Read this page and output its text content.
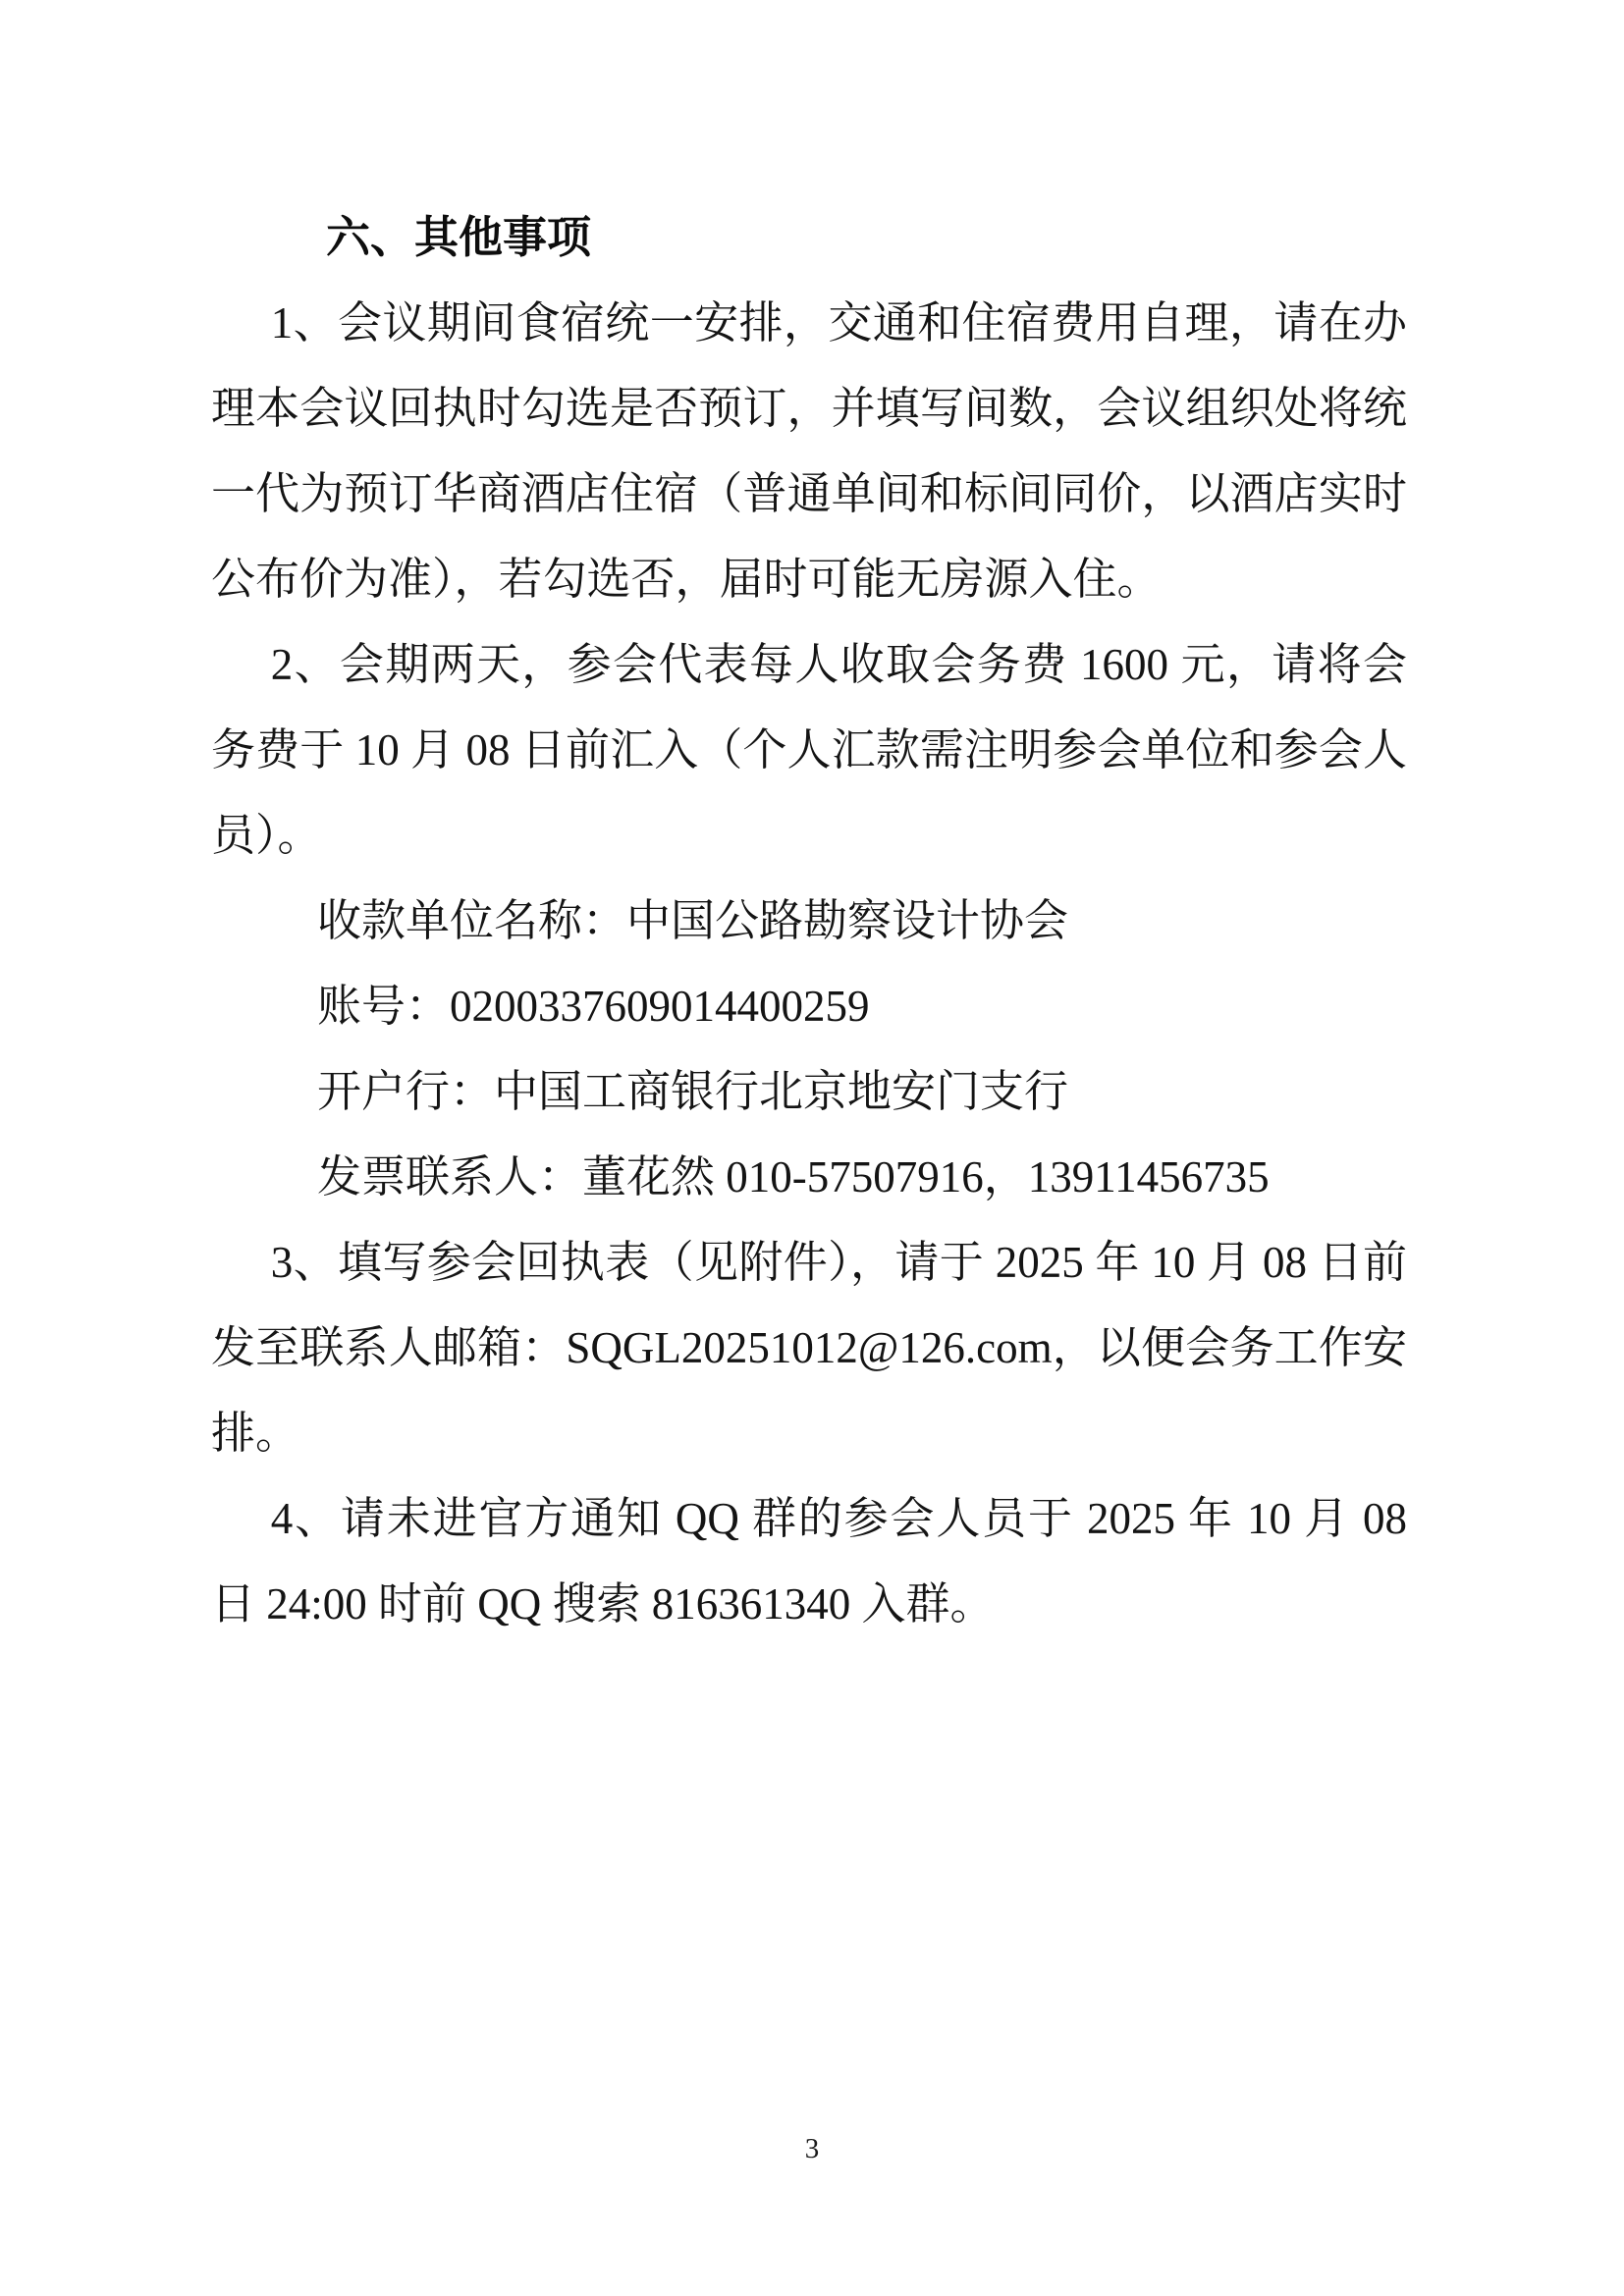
六、其他事项

1、会议期间食宿统一安排，交通和住宿费用自理，请在办理本会议回执时勾选是否预订，并填写间数，会议组织处将统一代为预订华商酒店住宿（普通单间和标间同价，以酒店实时公布价为准），若勾选否，届时可能无房源入住。

2、会期两天，参会代表每人收取会务费 1600 元，请将会务费于 10 月 08 日前汇入（个人汇款需注明参会单位和参会人员）。

收款单位名称：中国公路勘察设计协会

账号：0200337609014400259

开户行：中国工商银行北京地安门支行

发票联系人：董花然 010-57507916，13911456735

3、填写参会回执表（见附件），请于 2025 年 10 月 08 日前发至联系人邮箱：SQGL20251012@126.com，以便会务工作安排。

4、请未进官方通知 QQ 群的参会人员于 2025 年 10 月 08 日 24:00 时前 QQ 搜索 816361340 入群。

3
